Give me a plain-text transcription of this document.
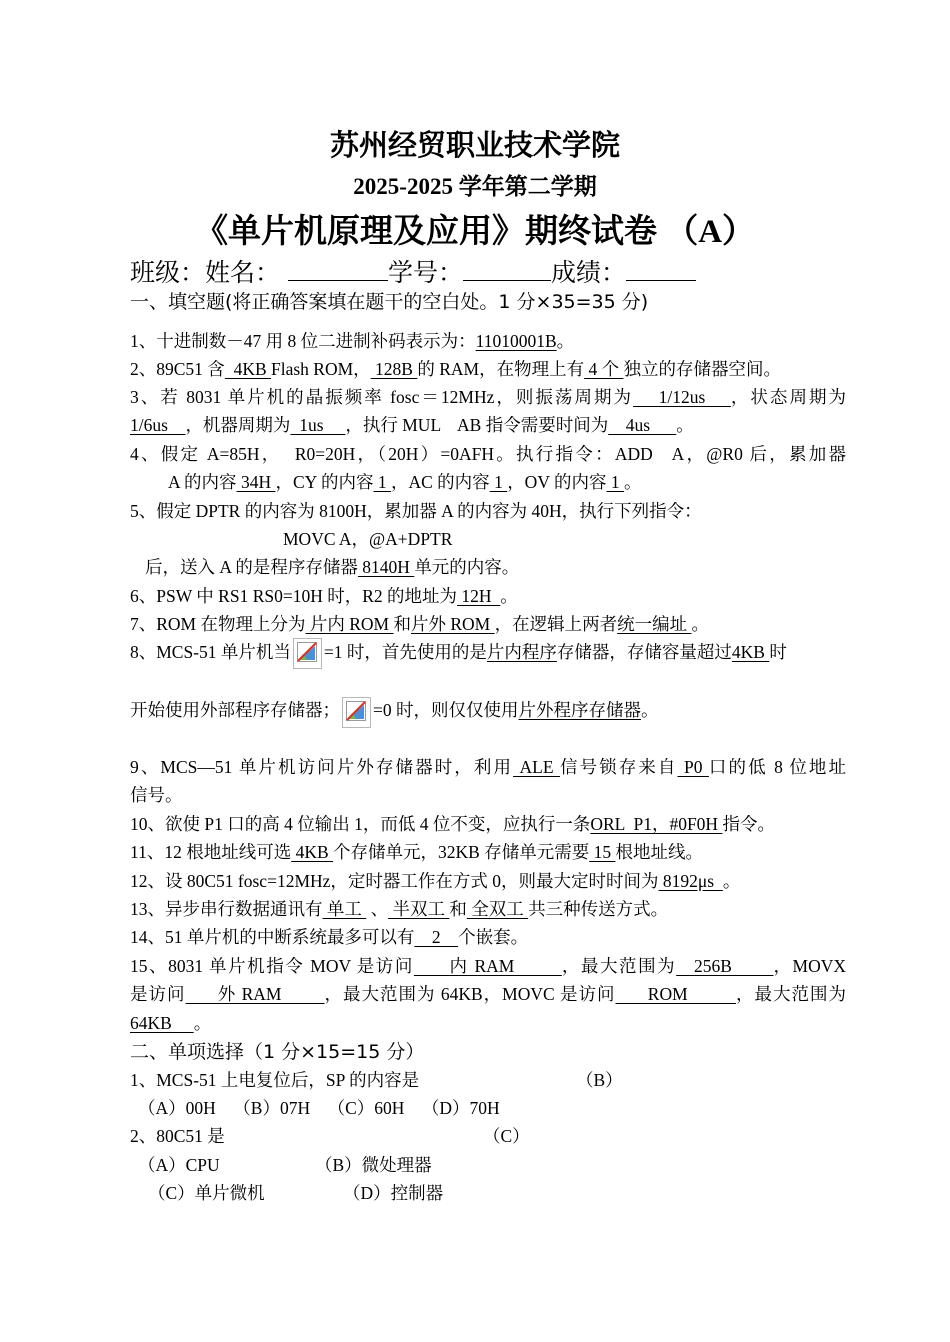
苏州经贸职业技术学院
2025-2025 学年第二学期
《单片机原理及应用》期终试卷 （A）
班级：姓名：	学号：	成绩：
一、填空题(将正确答案填在题干的空白处。1 分×35=35 分)
1、十进制数－47 用 8 位二进制补码表示为：11010001B。
2、89C51 含  4KB Flash ROM， 128B 的 RAM，在物理上有 4 个 独立的存储器空间。
3、若 8031 单片机的晶振频率 fosc＝12MHz，则振荡周期为    1/12us    ，状态周期为
1/6us    ，机器周期为  1us     ，执行 MUL    AB 指令需要时间为    4us      。
4、假定 A=85H，  R0=20H，（20H）=0AFH。执行指令：ADD   A，@R0 后，累加器
A 的内容 34H ，CY 的内容 1 ，AC 的内容 1 ，OV 的内容 1 。
5、假定 DPTR 的内容为 8100H，累加器 A 的内容为 40H，执行下列指令：
MOVC A，@A+DPTR
后，送入 A 的是程序存储器 8140H 单元的内容。
6、PSW 中 RS1 RS0=10H 时，R2 的地址为 12H  。
7、ROM 在物理上分为 片内 ROM 和片外 ROM ，在逻辑上两者统一编址 。
8、MCS-51 单片机当 =1 时，首先使用的是片内程序存储器，存储容量超过4KB 时
开始使用外部程序存储器； =0 时，则仅仅使用片外程序存储器。
9、MCS—51 单片机访问片外存储器时，利用 ALE 信号锁存来自 P0 口的低 8 位地址
信号。
10、欲使 P1 口的高 4 位输出 1，而低 4 位不变，应执行一条ORL  P1，#0F0H 指令。
11、12 根地址线可选 4KB 个存储单元，32KB 存储单元需要 15 根地址线。
12、设 80C51 fosc=12MHz，定时器工作在方式 0，则最大定时时间为 8192μs  。
13、异步串行数据通讯有 单工  、 半双工 和 全双工 共三种传送方式。
14、51 单片机的中断系统最多可以有    2    个嵌套。
15、8031 单片机指令 MOV 是访问      内 RAM        ，最大范围为   256B       ，MOVX
是访问      外 RAM        ，最大范围为 64KB，MOVC 是访问      ROM         ，最大范围为
64KB     。
二、单项选择（1 分×15=15 分）
1、MCS-51 上电复位后，SP 的内容是	（B）
（A）00H    （B）07H    （C）60H    （D）70H
2、80C51 是	（C）
（A）CPU	（B）微处理器
（C）单片微机	（D）控制器
